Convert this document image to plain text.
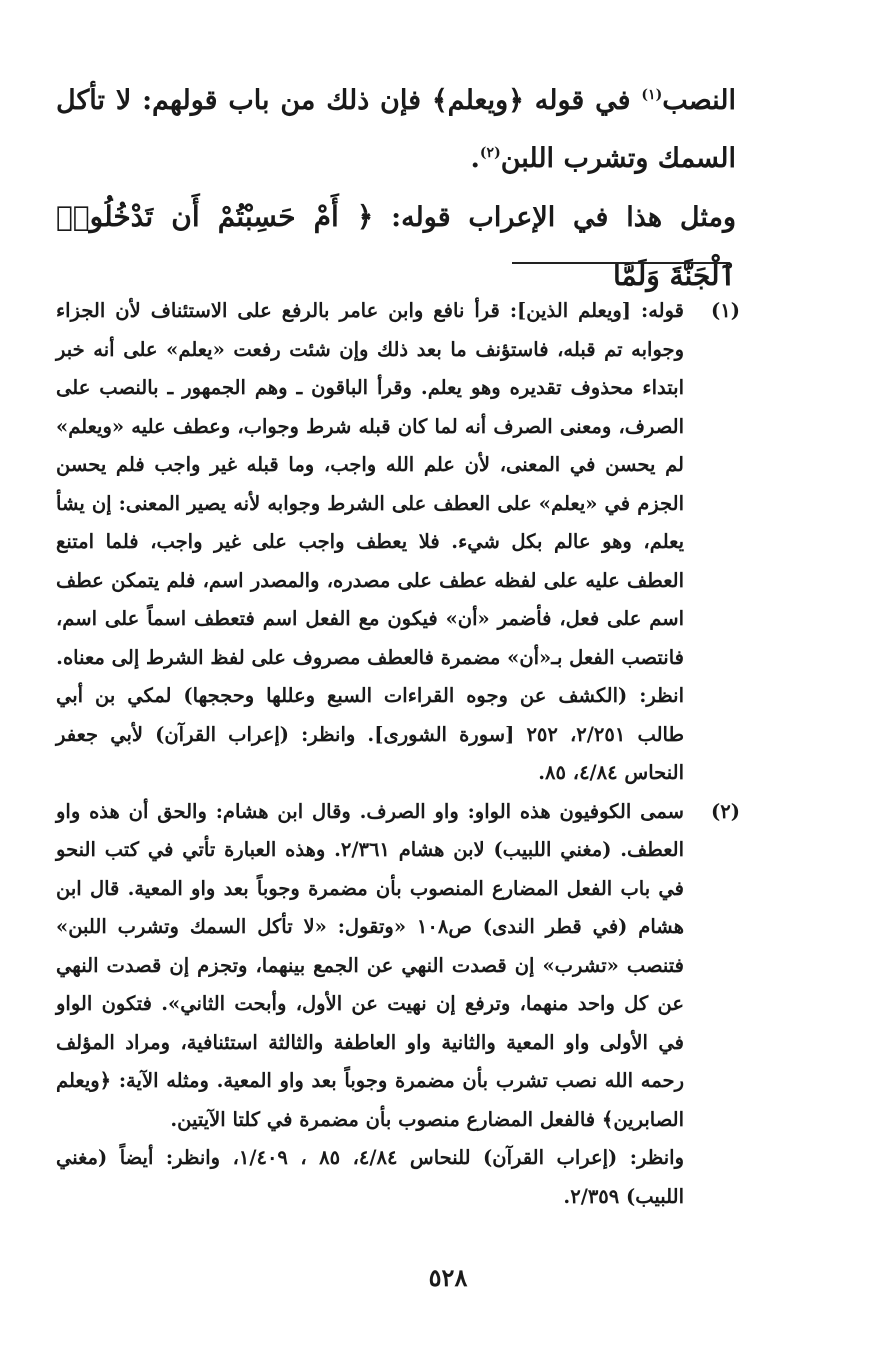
النصب$^{(١)}$ في قوله ﴿ويعلم﴾ فإن ذلك من باب قولهم: لا تأكل السمك وتشرب اللبن$^{(٢)}$.

ومثل هذا في الإعراب قوله: ﴿ أَمْ حَسِبْتُمْ أَن تَدْخُلُوا۟ ٱلْجَنَّةَ وَلَمَّا

(١)

قوله: [ويعلم الذين]: قرأ نافع وابن عامر بالرفع على الاستئناف لأن الجزاء وجوابه تم قبله، فاستؤنف ما بعد ذلك وإن شئت رفعت «يعلم» على أنه خبر ابتداء محذوف تقديره وهو يعلم. وقرأ الباقون ـ وهم الجمهور ـ بالنصب على الصرف، ومعنى الصرف أنه لما كان قبله شرط وجواب، وعطف عليه «ويعلم» لم يحسن في المعنى، لأن علم الله واجب، وما قبله غير واجب فلم يحسن الجزم في «يعلم» على العطف على الشرط وجوابه لأنه يصير المعنى: إن يشأ يعلم، وهو عالم بكل شيء. فلا يعطف واجب على غير واجب، فلما امتنع العطف عليه على لفظه عطف على مصدره، والمصدر اسم، فلم يتمكن عطف اسم على فعل، فأضمر «أن» فيكون مع الفعل اسم فتعطف اسماً على اسم، فانتصب الفعل بـ«أن» مضمرة فالعطف مصروف على لفظ الشرط إلى معناه.

انظر: (الكشف عن وجوه القراءات السبع وعللها وحججها) لمكي بن أبي طالب ٢/٢٥١، ٢٥٢ [سورة الشورى]. وانظر: (إعراب القرآن) لأبي جعفر النحاس ٤/٨٤، ٨٥.

(٢)

سمى الكوفيون هذه الواو: واو الصرف. وقال ابن هشام: والحق أن هذه واو العطف. (مغني اللبيب) لابن هشام ٢/٣٦١. وهذه العبارة تأتي في كتب النحو في باب الفعل المضارع المنصوب بأن مضمرة وجوباً بعد واو المعية. قال ابن هشام (في قطر الندى) ص١٠٨ «وتقول: «لا تأكل السمك وتشرب اللبن» فتنصب «تشرب» إن قصدت النهي عن الجمع بينهما، وتجزم إن قصدت النهي عن كل واحد منهما، وترفع إن نهيت عن الأول، وأبحت الثاني». فتكون الواو في الأولى واو المعية والثانية واو العاطفة والثالثة استئنافية، ومراد المؤلف رحمه الله نصب تشرب بأن مضمرة وجوباً بعد واو المعية. ومثله الآية: ﴿ويعلم الصابرين﴾ فالفعل المضارع منصوب بأن مضمرة في كلتا الآيتين.

وانظر: (إعراب القرآن) للنحاس ٤/٨٤، ٨٥ ، ١/٤٠٩، وانظر: أيضاً (مغني اللبيب) ٢/٣٥٩.

٥٢٨
